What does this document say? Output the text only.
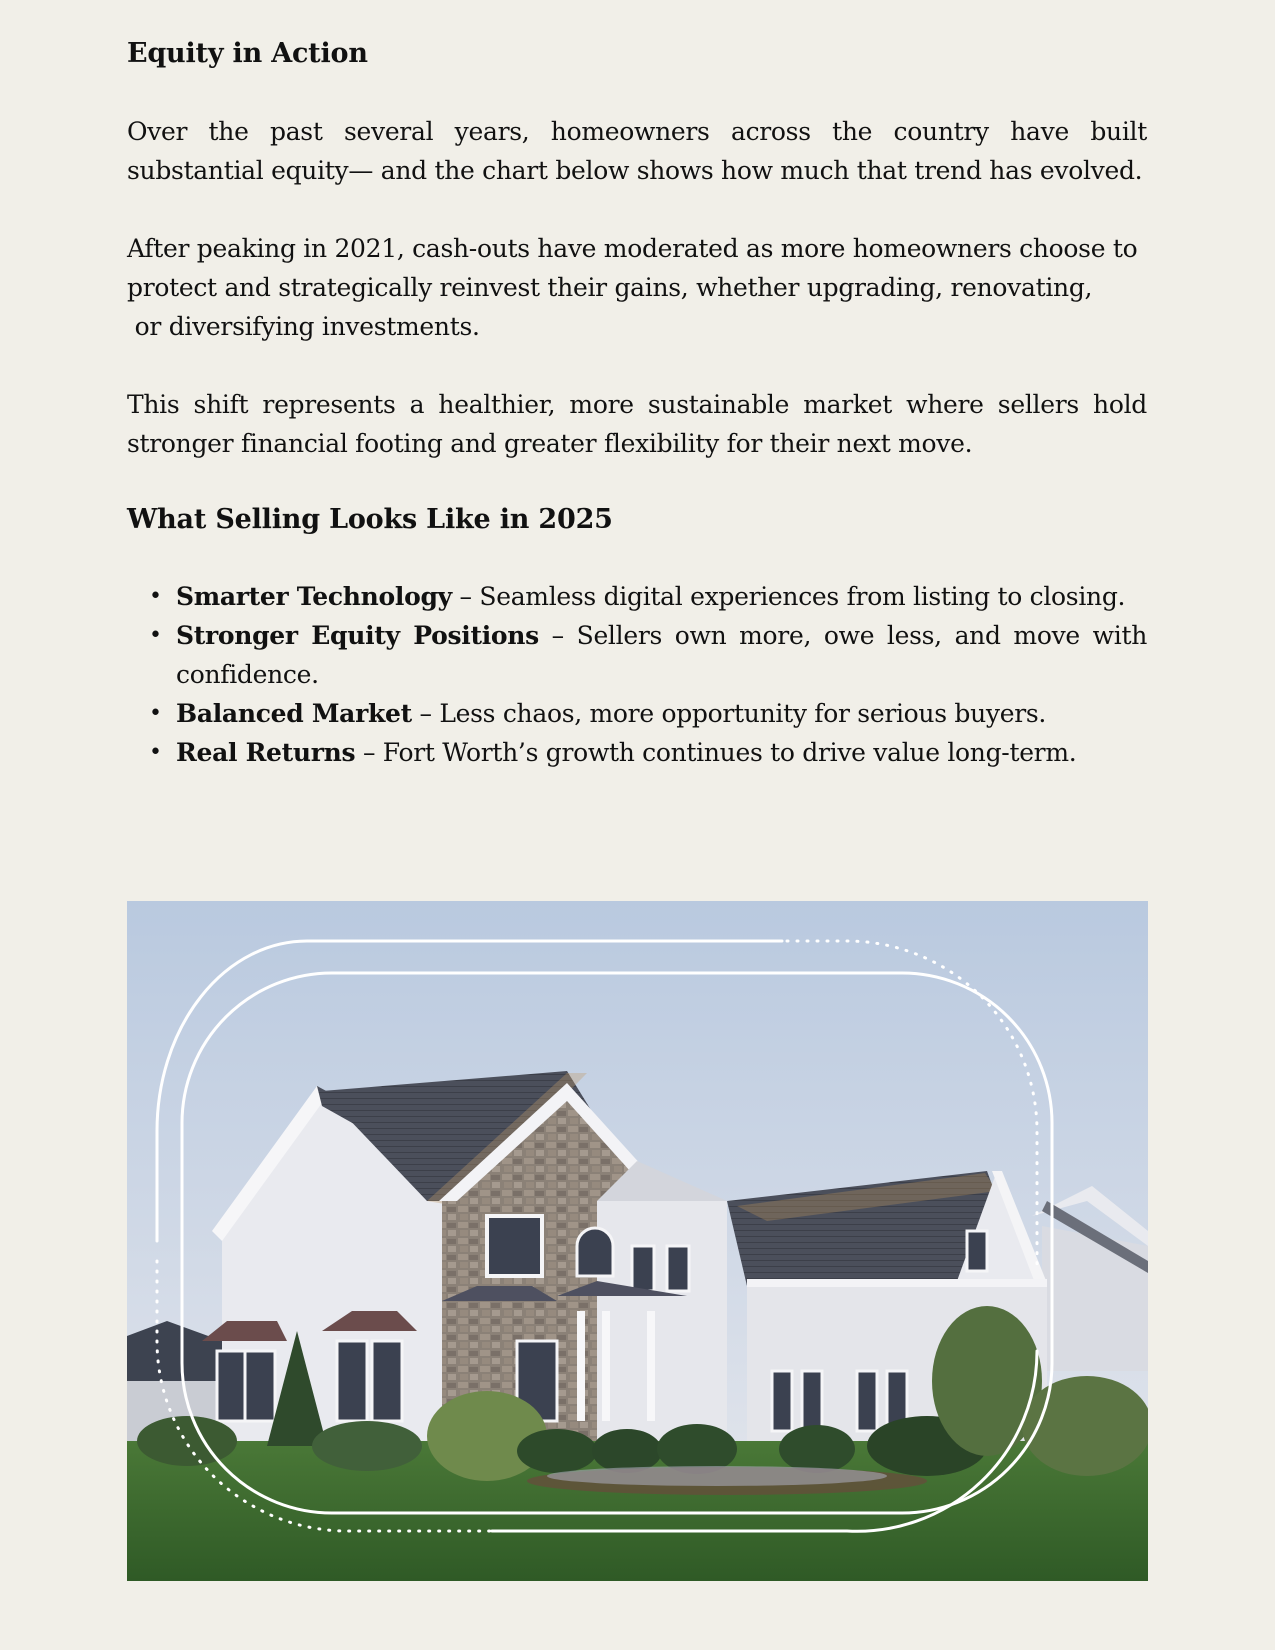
Equity in Action

Over the past several years, homeowners across the country have built substantial equity— and the chart below shows how much that trend has evolved.

After peaking in 2021, cash-outs have moderated as more homeowners choose to protect and strategically reinvest their gains, whether upgrading, renovating,
or diversifying investments.

This shift represents a healthier, more sustainable market where sellers hold stronger financial footing and greater flexibility for their next move.

What Selling Looks Like in 2025
• Smarter Technology – Seamless digital experiences from listing to closing.
• Stronger Equity Positions – Sellers own more, owe less, and move with confidence.
• Balanced Market – Less chaos, more opportunity for serious buyers.
• Real Returns – Fort Worth’s growth continues to drive value long-term.
